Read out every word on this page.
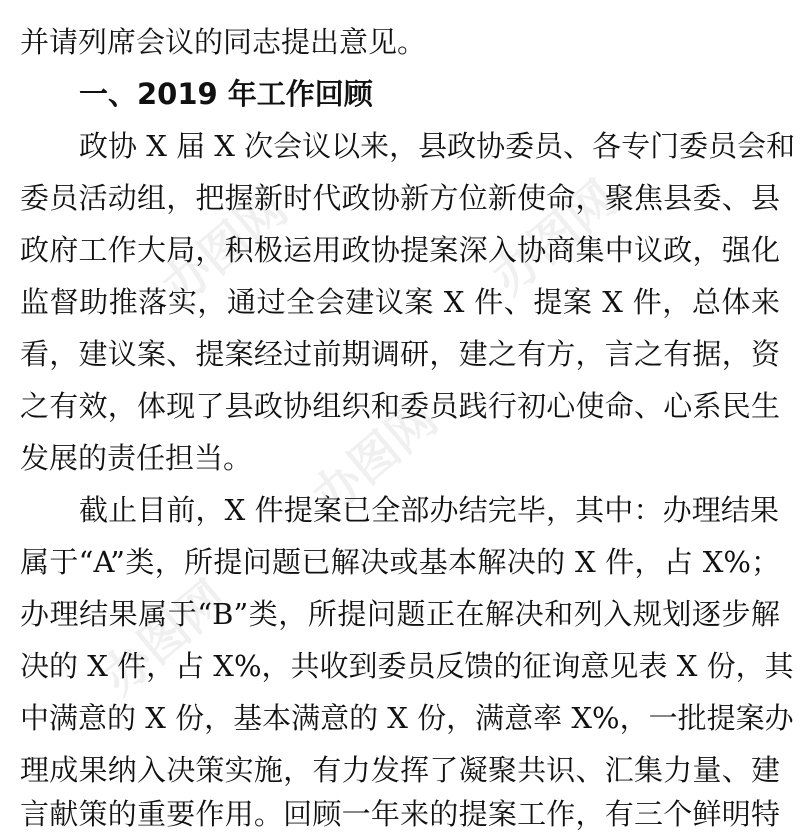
并请列席会议的同志提出意见。
一、2019 年工作回顾
政协 X 届 X 次会议以来，县政协委员、各专门委员会和
委员活动组，把握新时代政协新方位新使命，聚焦县委、县
政府工作大局，积极运用政协提案深入协商集中议政，强化
监督助推落实，通过全会建议案 X 件、提案 X 件，总体来
看，建议案、提案经过前期调研，建之有方，言之有据，资
之有效，体现了县政协组织和委员践行初心使命、心系民生
发展的责任担当。
截止目前，X 件提案已全部办结完毕，其中：办理结果
属于“A”类，所提问题已解决或基本解决的 X 件，占 X%；
办理结果属于“B”类，所提问题正在解决和列入规划逐步解
决的 X 件，占 X%，共收到委员反馈的征询意见表 X 份，其
中满意的 X 份，基本满意的 X 份，满意率 X%，一批提案办
理成果纳入决策实施，有力发挥了凝聚共识、汇集力量、建
言献策的重要作用。回顾一年来的提案工作，有三个鲜明特
办图网	办图网
办图网
办图网
